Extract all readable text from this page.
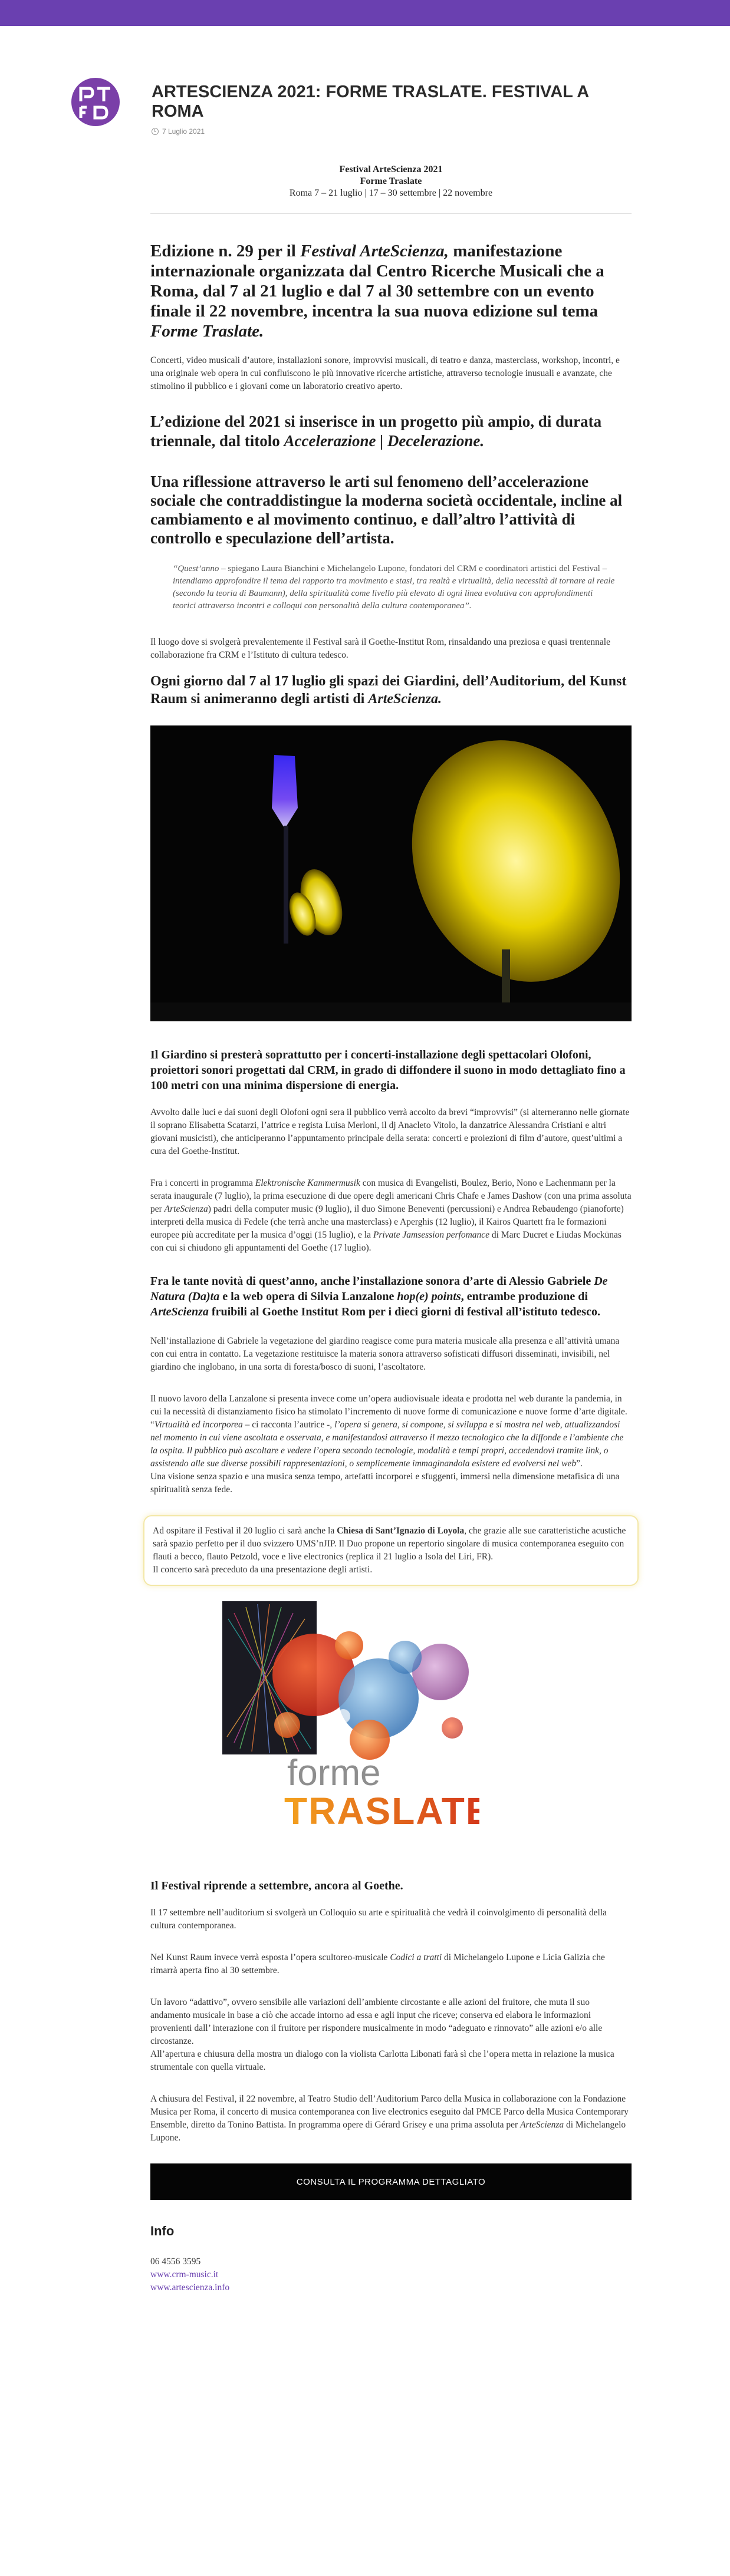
ARTESCIENZA 2021: FORME TRASLATE. FESTIVAL A ROMA
7 Luglio 2021
Festival ArteScienza 2021
Forme Traslate
Roma 7 – 21 luglio | 17 – 30 settembre | 22 novembre
Edizione n. 29 per il Festival ArteScienza, manifestazione internazionale organizzata dal Centro Ricerche Musicali che a Roma, dal 7 al 21 luglio e dal 7 al 30 settembre con un evento finale il 22 novembre, incentra la sua nuova edizione sul tema Forme Traslate.

Concerti, video musicali d’autore, installazioni sonore, improvvisi musicali, di teatro e danza, masterclass, workshop, incontri, e una originale web opera in cui confluiscono le più innovative ricerche artistiche, attraverso tecnologie inusuali e avanzate, che stimolino il pubblico e i giovani come un laboratorio creativo aperto.

L’edizione del 2021 si inserisce in un progetto più ampio, di durata triennale, dal titolo Accelerazione | Decelerazione.
Una riflessione attraverso le arti sul fenomeno dell’accelerazione sociale che contraddistingue la moderna società occidentale, incline al cambiamento e al movimento continuo, e dall’altro l’attività di controllo e speculazione dell’artista.

“Quest’anno – spiegano Laura Bianchini e Michelangelo Lupone, fondatori del CRM e coordinatori artistici del Festival – intendiamo approfondire il tema del rapporto tra movimento e stasi, tra realtà e virtualità, della necessità di tornare al reale (secondo la teoria di Baumann), della spiritualità come livello più elevato di ogni linea evolutiva con approfondimenti teorici attraverso incontri e colloqui con personalità della cultura contemporanea”.

Il luogo dove si svolgerà prevalentemente il Festival sarà il Goethe-Institut Rom, rinsaldando una preziosa e quasi trentennale collaborazione fra CRM e l’Istituto di cultura tedesco.

Ogni giorno dal 7 al 17 luglio gli spazi dei Giardini, dell’Auditorium, del Kunst Raum si animeranno degli artisti di ArteScienza.
Il Giardino si presterà soprattutto per i concerti-installazione degli spettacolari Olofoni, proiettori sonori progettati dal CRM, in grado di diffondere il suono in modo dettagliato fino a 100 metri con una minima dispersione di energia.

Avvolto dalle luci e dai suoni degli Olofoni ogni sera il pubblico verrà accolto da brevi “improvvisi” (si alterneranno nelle giornate il soprano Elisabetta Scatarzi, l’attrice e regista Luisa Merloni, il dj Anacleto Vitolo, la danzatrice Alessandra Cristiani e altri giovani musicisti), che anticiperanno l’appuntamento principale della serata: concerti e proiezioni di film d’autore, quest’ultimi a cura del Goethe-Institut.

Fra i concerti in programma Elektronische Kammermusik con musica di Evangelisti, Boulez, Berio, Nono e Lachenmann per la serata inaugurale (7 luglio), la prima esecuzione di due opere degli americani Chris Chafe e James Dashow (con una prima assoluta per ArteScienza) padri della computer music (9 luglio), il duo Simone Beneventi (percussioni) e Andrea Rebaudengo (pianoforte) interpreti della musica di Fedele (che terrà anche una masterclass) e Aperghis (12 luglio), il Kairos Quartett fra le formazioni europee più accreditate per la musica d’oggi (15 luglio), e la Private Jamsession perfomance di Marc Ducret e Liudas Mockūnas con cui si chiudono gli appuntamenti del Goethe (17 luglio).

Fra le tante novità di quest’anno, anche l’installazione sonora d’arte di Alessio Gabriele De Natura (Da)ta e la web opera di Silvia Lanzalone hop(e) points, entrambe produzione di ArteScienza fruibili al Goethe Institut Rom per i dieci giorni di festival all’istituto tedesco.

Nell’installazione di Gabriele la vegetazione del giardino reagisce come pura materia musicale alla presenza e all’attività umana con cui entra in contatto. La vegetazione restituisce la materia sonora attraverso sofisticati diffusori disseminati, invisibili, nel giardino che inglobano, in una sorta di foresta/bosco di suoni, l’ascoltatore.

Il nuovo lavoro della Lanzalone si presenta invece come un’opera audiovisuale ideata e prodotta nel web durante la pandemia, in cui la necessità di distanziamento fisico ha stimolato l’incremento di nuove forme di comunicazione e nuove forme d’arte digitale. “Virtualità ed incorporea – ci racconta l’autrice -, l’opera si genera, si compone, si sviluppa e si mostra nel web, attualizzandosi nel momento in cui viene ascoltata e osservata, e manifestandosi attraverso il mezzo tecnologico che la diffonde e l’ambiente che la ospita. Il pubblico può ascoltare e vedere l’opera secondo tecnologie, modalità e tempi propri, accedendovi tramite link, o assistendo alle sue diverse possibili rappresentazioni, o semplicemente immaginandola esistere ed evolversi nel web”.
Una visione senza spazio e una musica senza tempo, artefatti incorporei e sfuggenti, immersi nella dimensione metafisica di una spiritualità senza fede.

Ad ospitare il Festival il 20 luglio ci sarà anche la Chiesa di Sant’Ignazio di Loyola, che grazie alle sue caratteristiche acustiche sarà spazio perfetto per il duo svizzero UMS’nJIP. Il Duo propone un repertorio singolare di musica contemporanea eseguito con flauti a becco, flauto Petzold, voce e live electronics (replica il 21 luglio a Isola del Liri, FR).
Il concerto sarà preceduto da una presentazione degli artisti.
forme
TRASLATE
Il Festival riprende a settembre, ancora al Goethe.

Il 17 settembre nell’auditorium si svolgerà un Colloquio su arte e spiritualità che vedrà il coinvolgimento di personalità della cultura contemporanea.

Nel Kunst Raum invece verrà esposta l’opera scultoreo-musicale Codici a tratti di Michelangelo Lupone e Licia Galizia che rimarrà aperta fino al 30 settembre.

Un lavoro “adattivo”, ovvero sensibile alle variazioni dell’ambiente circostante e alle azioni del fruitore, che muta il suo andamento musicale in base a ciò che accade intorno ad essa e agli input che riceve; conserva ed elabora le informazioni provenienti dall’ interazione con il fruitore per rispondere musicalmente in modo “adeguato e rinnovato” alle azioni e/o alle circostanze.
All’apertura e chiusura della mostra un dialogo con la violista Carlotta Libonati farà sì che l’opera metta in relazione la musica strumentale con quella virtuale.

A chiusura del Festival, il 22 novembre, al Teatro Studio dell’Auditorium Parco della Musica in collaborazione con la Fondazione Musica per Roma, il concerto di musica contemporanea con live electronics eseguito dal PMCE Parco della Musica Contemporary Ensemble, diretto da Tonino Battista. In programma opere di Gérard Grisey e una prima assoluta per ArteScienza di Michelangelo Lupone.

CONSULTA IL PROGRAMMA DETTAGLIATO
Info
06 4556 3595
www.crm-music.it
www.artescienza.info
